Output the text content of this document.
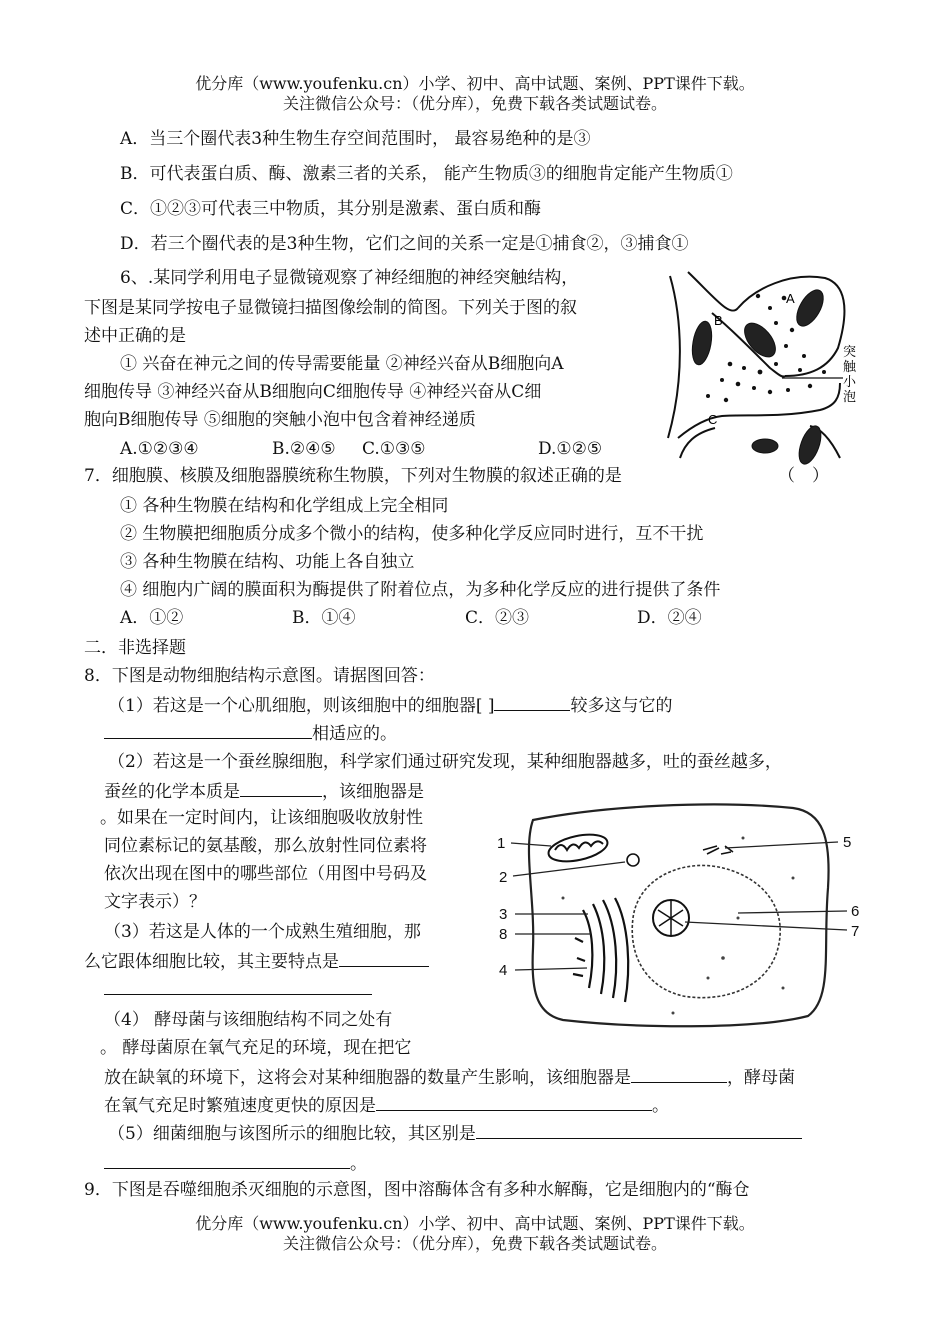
优分库（www.youfenku.cn）小学、初中、高中试题、案例、PPT课件下载。
关注微信公众号：（优分库），免费下载各类试题试卷。
A．当三个圈代表3种生物生存空间范围时， 最容易绝种的是③
B．可代表蛋白质、酶、激素三者的关系， 能产生物质③的细胞肯定能产生物质①
C．①②③可代表三中物质，其分别是激素、蛋白质和酶
D．若三个圈代表的是3种生物，它们之间的关系一定是①捕食②，③捕食①
6、.某同学利用电子显微镜观察了神经细胞的神经突触结构，
下图是某同学按电子显微镜扫描图像绘制的简图。下列关于图的叙
述中正确的是
① 兴奋在神元之间的传导需要能量 ②神经兴奋从B细胞向A
细胞传导 ③神经兴奋从B细胞向C细胞传导 ④神经兴奋从C细
胞向B细胞传导 ⑤细胞的突触小泡中包含着神经递质
A.①②③④	B.②④⑤ C.①③⑤	D.①②⑤
A
B
C
突
触
小
泡
7．细胞膜、核膜及细胞器膜统称生物膜，下列对生物膜的叙述正确的是	（　）
① 各种生物膜在结构和化学组成上完全相同
② 生物膜把细胞质分成多个微小的结构，使多种化学反应同时进行，互不干扰
③ 各种生物膜在结构、功能上各自独立
④ 细胞内广阔的膜面积为酶提供了附着位点，为多种化学反应的进行提供了条件
A．①②	B．①④	C．②③	D．②④
二．非选择题
8．下图是动物细胞结构示意图。请据图回答：
（1）若这是一个心肌细胞，则该细胞中的细胞器[ ]	较多这与它的
相适应的。
（2）若这是一个蚕丝腺细胞，科学家们通过研究发现，某种细胞器越多，吐的蚕丝越多，
蚕丝的化学本质是	，该细胞器是
。如果在一定时间内，让该细胞吸收放射性
同位素标记的氨基酸，那么放射性同位素将
依次出现在图中的哪些部位（用图中号码及
文字表示）？
（3）若这是人体的一个成熟生殖细胞，那
么它跟体细胞比较，其主要特点是
（4） 酵母菌与该细胞结构不同之处有
。 酵母菌原在氧气充足的环境，现在把它
放在缺氧的环境下，这将会对某种细胞器的数量产生影响，该细胞器是	，酵母菌
在氧气充足时繁殖速度更快的原因是	。
（5）细菌细胞与该图所示的细胞比较，其区别是
。
1
2
3
8
4
5
6
7
9．下图是吞噬细胞杀灭细胞的示意图，图中溶酶体含有多种水解酶，它是细胞内的“酶仓
优分库（www.youfenku.cn）小学、初中、高中试题、案例、PPT课件下载。
关注微信公众号：（优分库），免费下载各类试题试卷。
